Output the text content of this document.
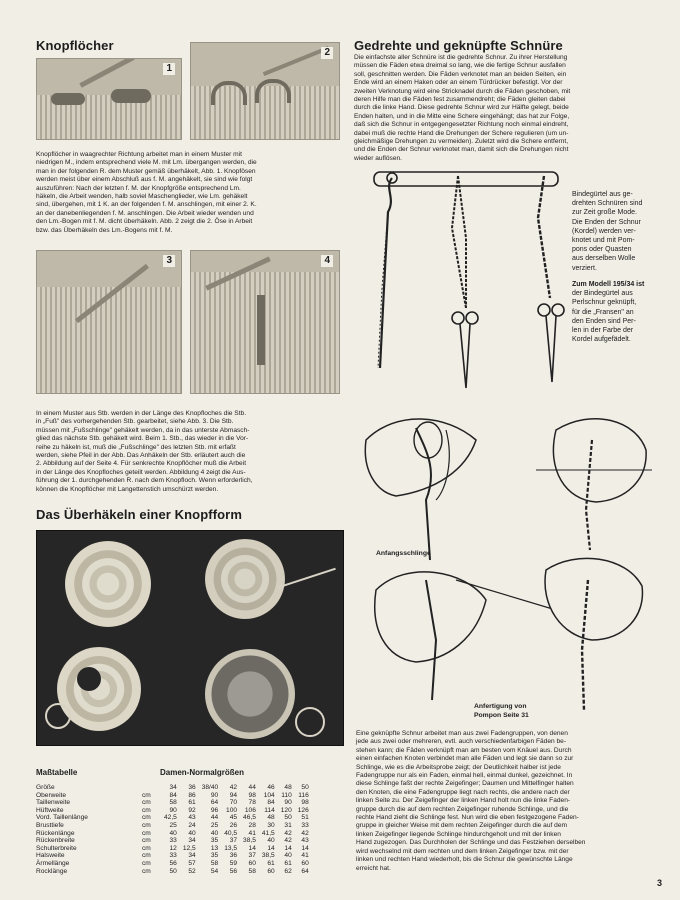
Knopflöcher
1
2

Knopflöcher in waagrechter Richtung arbeitet man in einem Muster mit

niedrigen M., indem entsprechend viele M. mit Lm. übergangen werden, die

man in der folgenden R. dem Muster gemäß überhäkelt, Abb. 1. Knopfösen

werden meist über einem Abschluß aus f. M. angehäkelt, sie sind wie folgt

auszuführen: Nach der letzten f. M. der Knopfgröße entsprechend Lm.

häkeln, die Arbeit wenden, halb soviel Maschenglieder, wie Lm. gehäkelt

sind, übergehen, mit 1 K. an der folgenden f. M. anschlingen, mit einer 2. K.

an der danebenliegenden f. M. anschlingen. Die Arbeit wieder wenden und

den Lm.-Bogen mit f. M. dicht überhäkeln. Abb. 2 zeigt die 2. Öse in Arbeit

bzw. das Überhäkeln des Lm.-Bogens mit f. M.

3	4

In einem Muster aus Stb. werden in der Länge des Knopfloches die Stb.

in „Fuß" des vorhergehenden Stb. gearbeitet, siehe Abb. 3. Die Stb.

müssen mit „Fußschlinge" gehäkelt werden, da in das unterste Abmasch-

glied das nächste Stb. gehäkelt wird. Beim 1. Stb., das wieder in die Vor-

reihe zu häkeln ist, muß die „Fußschlinge" des letzten Stb. mit erfaßt

werden, siehe Pfeil in der Abb. Das Anhäkeln der Stb. erläutert auch die

2. Abbildung auf der Seite 4. Für senkrechte Knopflöcher muß die Arbeit

in der Länge des Knopfloches geteilt werden. Abbildung 4 zeigt die Aus-

führung der 1. durchgehenden R. nach dem Knopfloch. Wenn erforderlich,

können die Knopflöcher mit Langettenstich umschürzt werden.

Das Überhäkeln einer Knopfform
Maßtabelle	Damen-Normalgrößen
Größe		34	36	38/40	42	44	46	48	50
Oberweite	cm	84	86	90	94	98	104	110	116
Taillenweite	cm	58	61	64	70	78	84	90	98
Hüftweite	cm	90	92	96	100	106	114	120	126
Vord. Taillenlänge	cm	42,5	43	44	45	46,5	48	50	51
Brusttiefe	cm	25	24	25	26	28	30	31	33
Rückenlänge	cm	40	40	40	40,5	41	41,5	42	42
Rückenbreite	cm	33	34	35	37	38,5	40	42	43
Schulterbreite	cm	12	12,5	13	13,5	14	14	14	14
Halsweite	cm	33	34	35	36	37	38,5	40	41
Ärmellänge	cm	56	57	58	59	60	61	61	60
Rocklänge	cm	50	52	54	56	58	60	62	64
Gedrehte und geknüpfte Schnüre

Die einfachste aller Schnüre ist die gedrehte Schnur. Zu ihrer Herstellung

müssen die Fäden etwa dreimal so lang, wie die fertige Schnur ausfallen

soll, geschnitten werden. Die Fäden verknotet man an beiden Seiten, ein

Ende wird an einem Haken oder an einem Türdrücker befestigt. Vor der

zweiten Verknotung wird eine Stricknadel durch die Fäden geschoben, mit

deren Hilfe man die Fäden fest zusammendreht; die Fäden gleiten dabei

durch die linke Hand. Diese gedrehte Schnur wird zur Hälfte gelegt, beide

Enden halten, und in die Mitte eine Schere eingehängt; das hat zur Folge,

daß sich die Schnur in entgegengesetzter Richtung noch einmal eindreht,

dabei muß die rechte Hand die Drehungen der Schere regulieren (um un-

gleichmäßige Drehungen zu vermeiden). Zuletzt wird die Schere entfernt,

und die Enden der Schnur verknotet man, damit sich die Drehungen nicht

wieder auflösen.

Bindegürtel aus ge-
drehten Schnüren sind
zur Zeit große Mode.
Die Enden der Schnur
(Kordel) werden ver-
knotet und mit Pom-
pons oder Quasten
aus derselben Wolle
verziert.
Zum Modell 195/34 ist
der Bindegürtel aus
Perlschnur geknüpft,
für die „Fransen" an
den Enden sind Per-
len in der Farbe der
Kordel aufgefädelt.
Anfangsschlinge
Anfertigung von
Pompon Seite 31

Eine geknüpfte Schnur arbeitet man aus zwei Fadengruppen, von denen

jede aus zwei oder mehreren, evtl. auch verschiedenfarbigen Fäden be-

stehen kann; die Fäden verknüpft man am besten vom Knäuel aus. Durch

einen einfachen Knoten verbindet man alle Fäden und legt sie dann so zur

Schlinge, wie es die Arbeitsprobe zeigt; der Deutlichkeit halber ist jede

Fadengruppe nur als ein Faden, einmal hell, einmal dunkel, gezeichnet. In

diese Schlinge faßt der rechte Zeigefinger; Daumen und Mittelfinger halten

den Knoten, die eine Fadengruppe liegt nach rechts, die andere nach der

linken Seite zu. Der Zeigefinger der linken Hand holt nun die linke Faden-

gruppe durch die auf dem rechten Zeigefinger ruhende Schlinge, und die

rechte Hand zieht die Schlinge fest. Nun wird die eben festgezogene Faden-

gruppe in gleicher Weise mit dem rechten Zeigefinger durch die auf dem

linken Zeigefinger liegende Schlinge hindurchgeholt und mit der linken

Hand zugezogen. Das Durchholen der Schlinge und das Festziehen derselben

wird wechselnd mit dem rechten und dem linken Zeigefinger bzw. mit der

linken und rechten Hand wiederholt, bis die Schnur die gewünschte Länge

erreicht hat.

3
